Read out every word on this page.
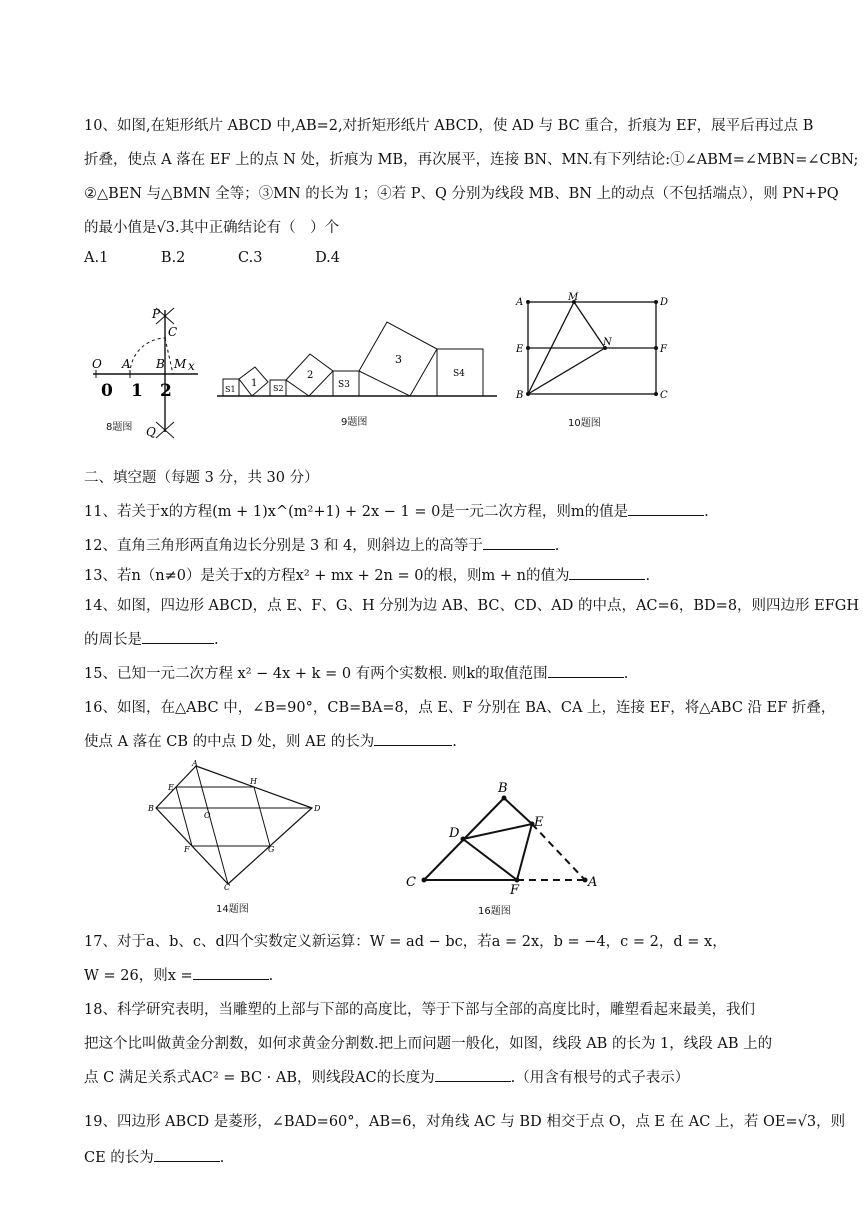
10、如图,在矩形纸片 ABCD 中,AB=2,对折矩形纸片 ABCD，使 AD 与 BC 重合，折痕为 EF，展平后再过点 B
折叠，使点 A 落在 EF 上的点 N 处，折痕为 MB，再次展平，连接 BN、MN.有下列结论:①∠ABM=∠MBN=∠CBN;
②△BEN 与△BMN 全等；③MN 的长为 1；④若 P、Q 分别为线段 MB、BN 上的动点（不包括端点），则 PN+PQ
的最小值是√3.其中正确结论有（　）个
A.1	B.2	C.3	D.4
P
C
O A B M x
0 1 2
Q
8题图
S1
1 S2
2
S3
3
S4
9题图
A	M	D
E
N
F
B	C
10题图
二、填空题（每题 3 分，共 30 分）
11、若关于x的方程(m + 1)x^(m²+1) + 2x − 1 = 0是一元二次方程，则m的值是	.
12、直角三角形两直角边长分别是 3 和 4，则斜边上的高等于	.
13、若n（n≠0）是关于x的方程x² + mx + 2n = 0的根，则m + n的值为	.
14、如图，四边形 ABCD，点 E、F、G、H 分别为边 AB、BC、CD、AD 的中点，AC=6，BD=8，则四边形 EFGH
的周长是	.
15、已知一元二次方程 x² − 4x + k = 0 有两个实数根. 则k的取值范围	.
16、如图，在△ABC 中，∠B=90°，CB=BA=8，点 E、F 分别在 BA、CA 上，连接 EF，将△ABC 沿 EF 折叠，
使点 A 落在 CB 的中点 D 处，则 AE 的长为	.
A
E
H
B
O
D
F	G
C
14题图
B
E
D
C
F
A
16题图
17、对于a、b、c、d四个实数定义新运算：W = ad − bc，若a = 2x，b = −4，c = 2，d = x，
W = 26，则x =	.
18、科学研究表明，当雕塑的上部与下部的高度比，等于下部与全部的高度比时，雕塑看起来最美，我们
把这个比叫做黄金分割数，如何求黄金分割数.把上而问题一般化，如图，线段 AB 的长为 1，线段 AB 上的
点 C 满足关系式AC² = BC · AB，则线段AC的长度为	.（用含有根号的式子表示）
19、四边形 ABCD 是菱形，∠BAD=60°，AB=6，对角线 AC 与 BD 相交于点 O，点 E 在 AC 上，若 OE=√3，则
CE 的长为	.
